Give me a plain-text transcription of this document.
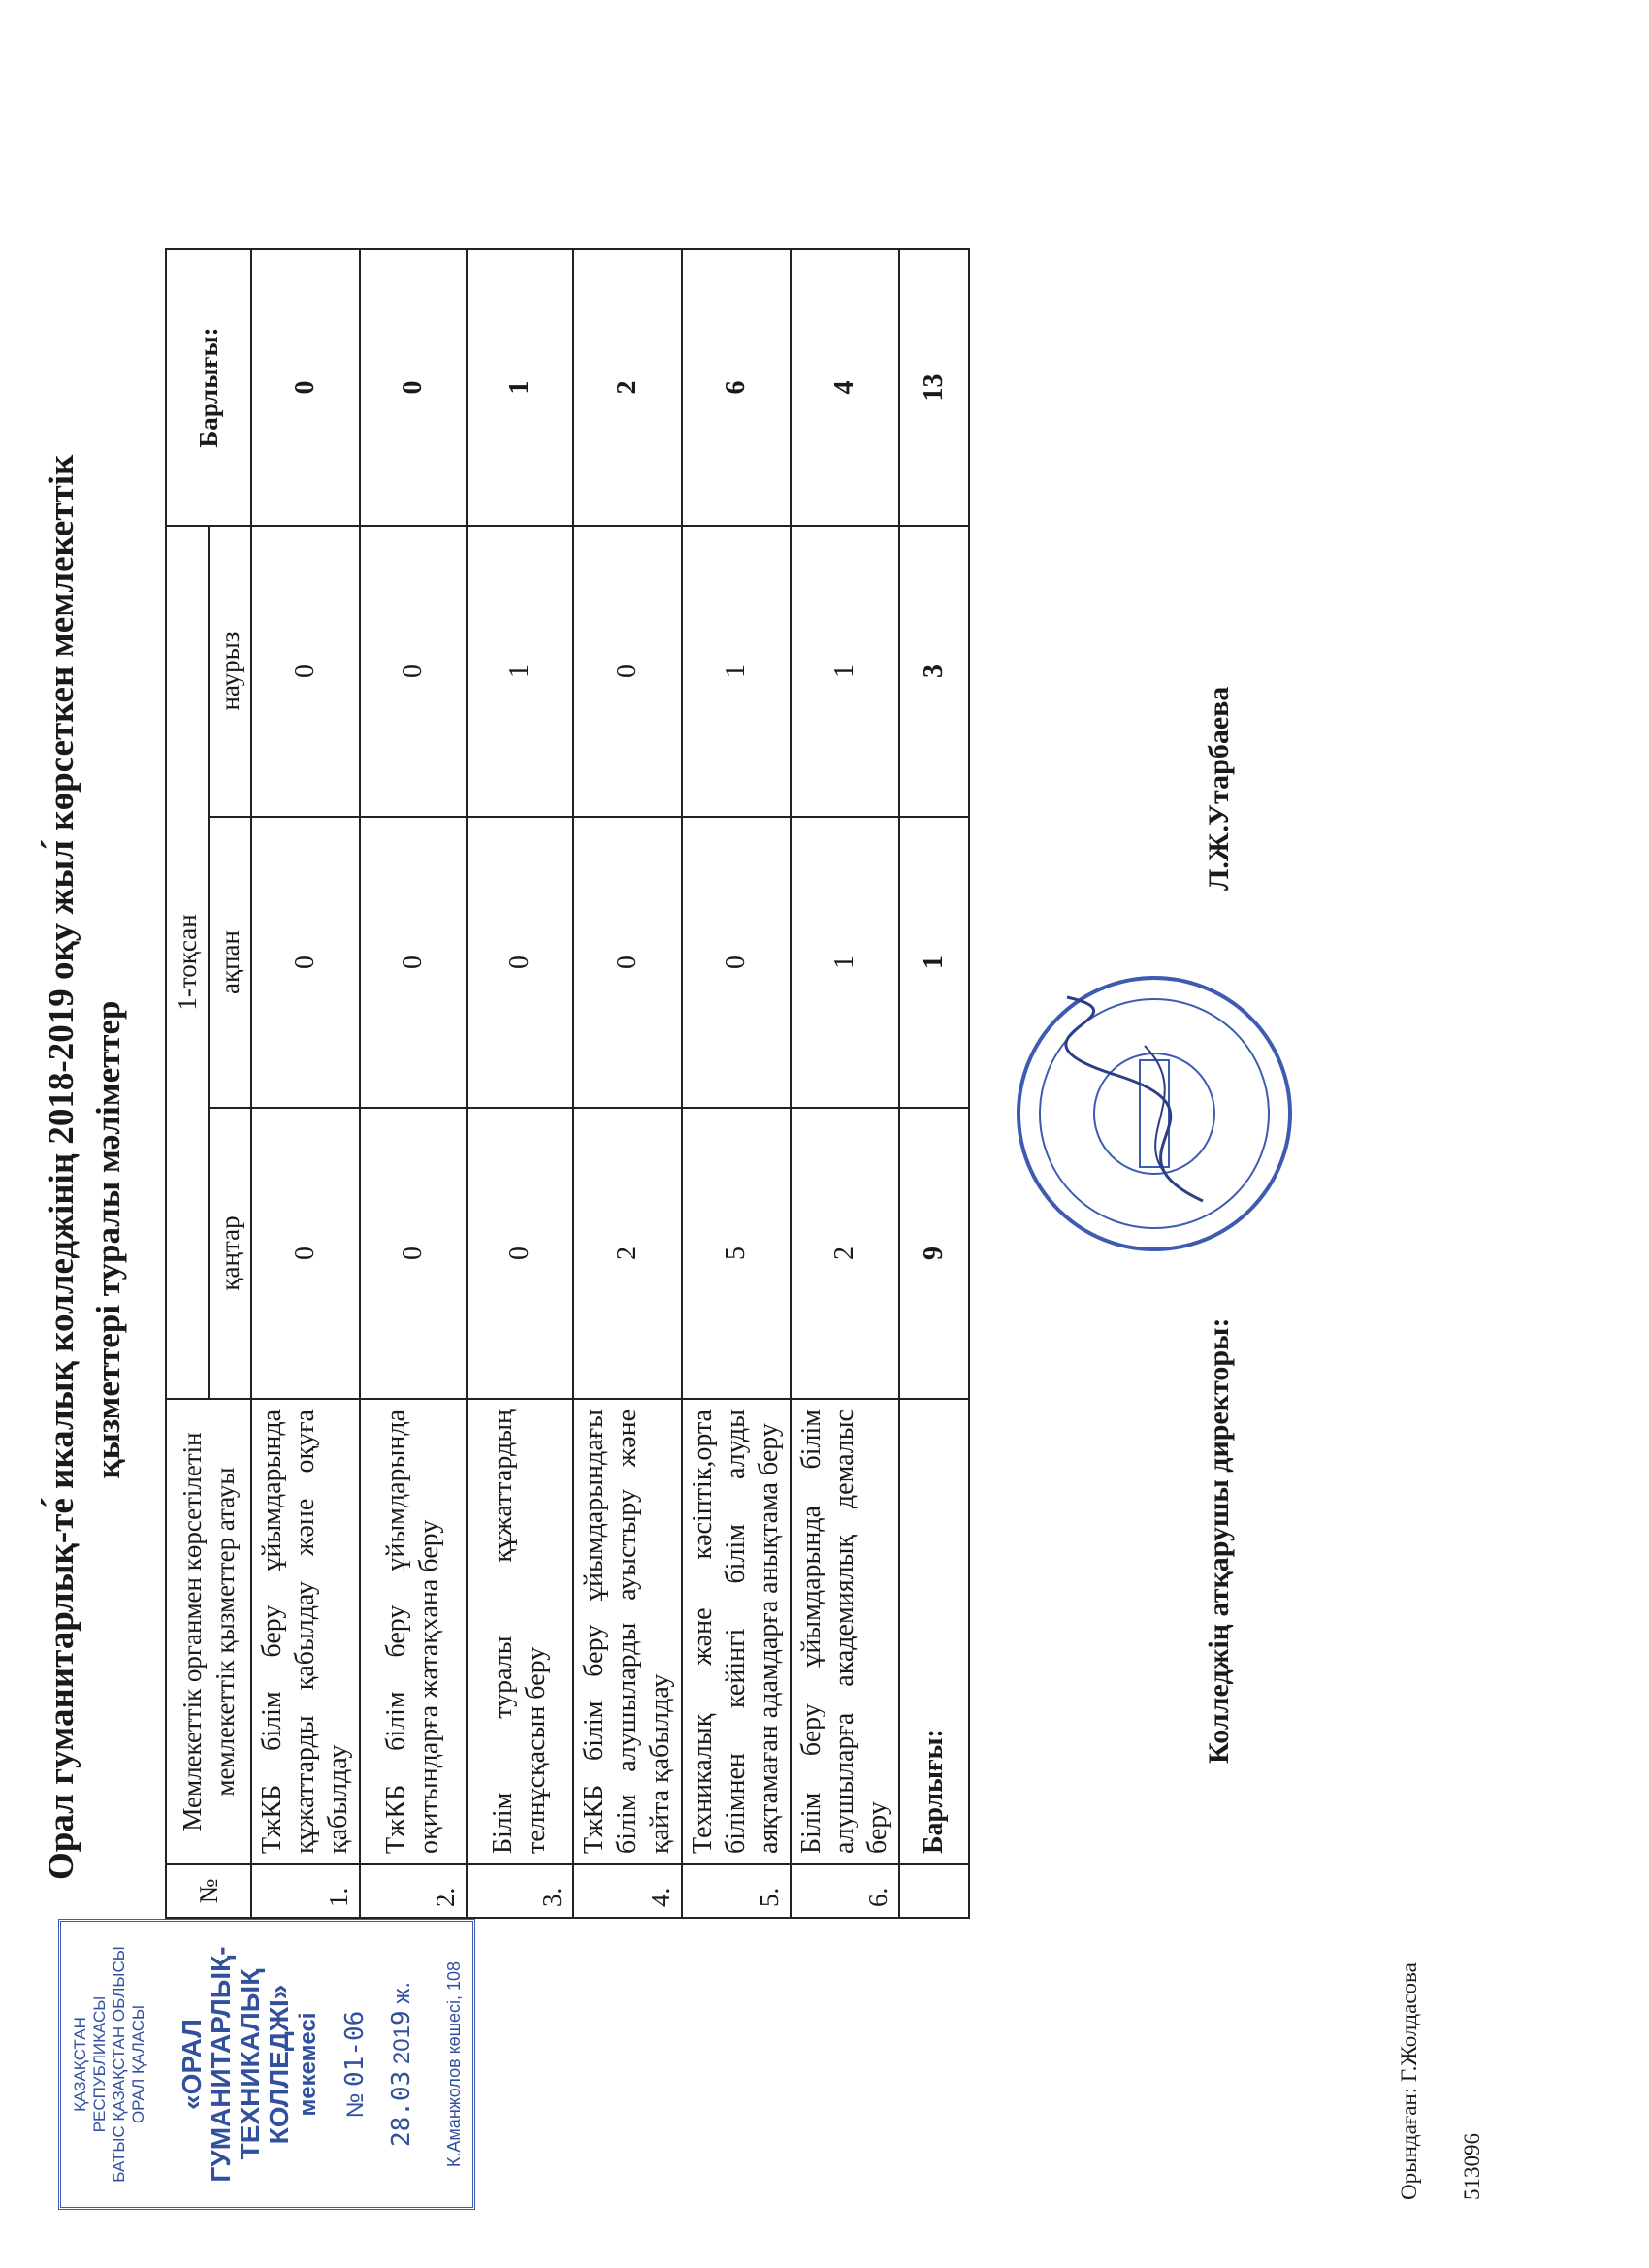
Орал гуманитарлық-те́ икалық колледжінің 2018-2019 оқу жыл́ көрсеткен мемлекеттік қызметтері туралы мәліметтер
№	Мемлекеттік органмен көрсетілетін мемлекеттік қызметтер атауы	1-тоқсан			Барлығы:
		қаңтар	ақпан	наурыз	
1.	ТжКБ білім беру ұйымдарында құжаттарды қабылдау және оқуға қабылдау	0	0	0	0
2.	ТжКБ білім беру ұйымдарында оқитындарға жатақхана беру	0	0	0	0
3.	Білім туралы құжаттардың телнұсқасын беру	0	0	1	1
4.	ТжКБ білім беру ұйымдарындағы білім алушыларды ауыстыру және қайта қабылдау	2	0	0	2
5.	Техникалық және кәсіптік,орта білімнен кейінгі білім алуды аяқтамаған адамдарға анықтама беру	5	0	1	6
6.	Білім беру ұйымдарында білім алушыларға академиялық демалыс беру	2	1	1	4
	Барлығы:	9	1	3	13
Колледжің атқарушы директоры:
Л.Ж.Утарбаева
Орындаған: Г.Жолдасова 513096
ҚАЗАҚСТАН РЕСПУБЛИКАСЫ БАТЫС ҚАЗАҚСТАН ОБЛЫСЫ ОРАЛ ҚАЛАСЫ «ОРАЛ ГУМАНИТАРЛЫҚ- ТЕХНИКАЛЫҚ КОЛЛЕДЖІ» мекемесі № 01-06
28.03 2019 ж. К.Аманжолов көшесі, 108
